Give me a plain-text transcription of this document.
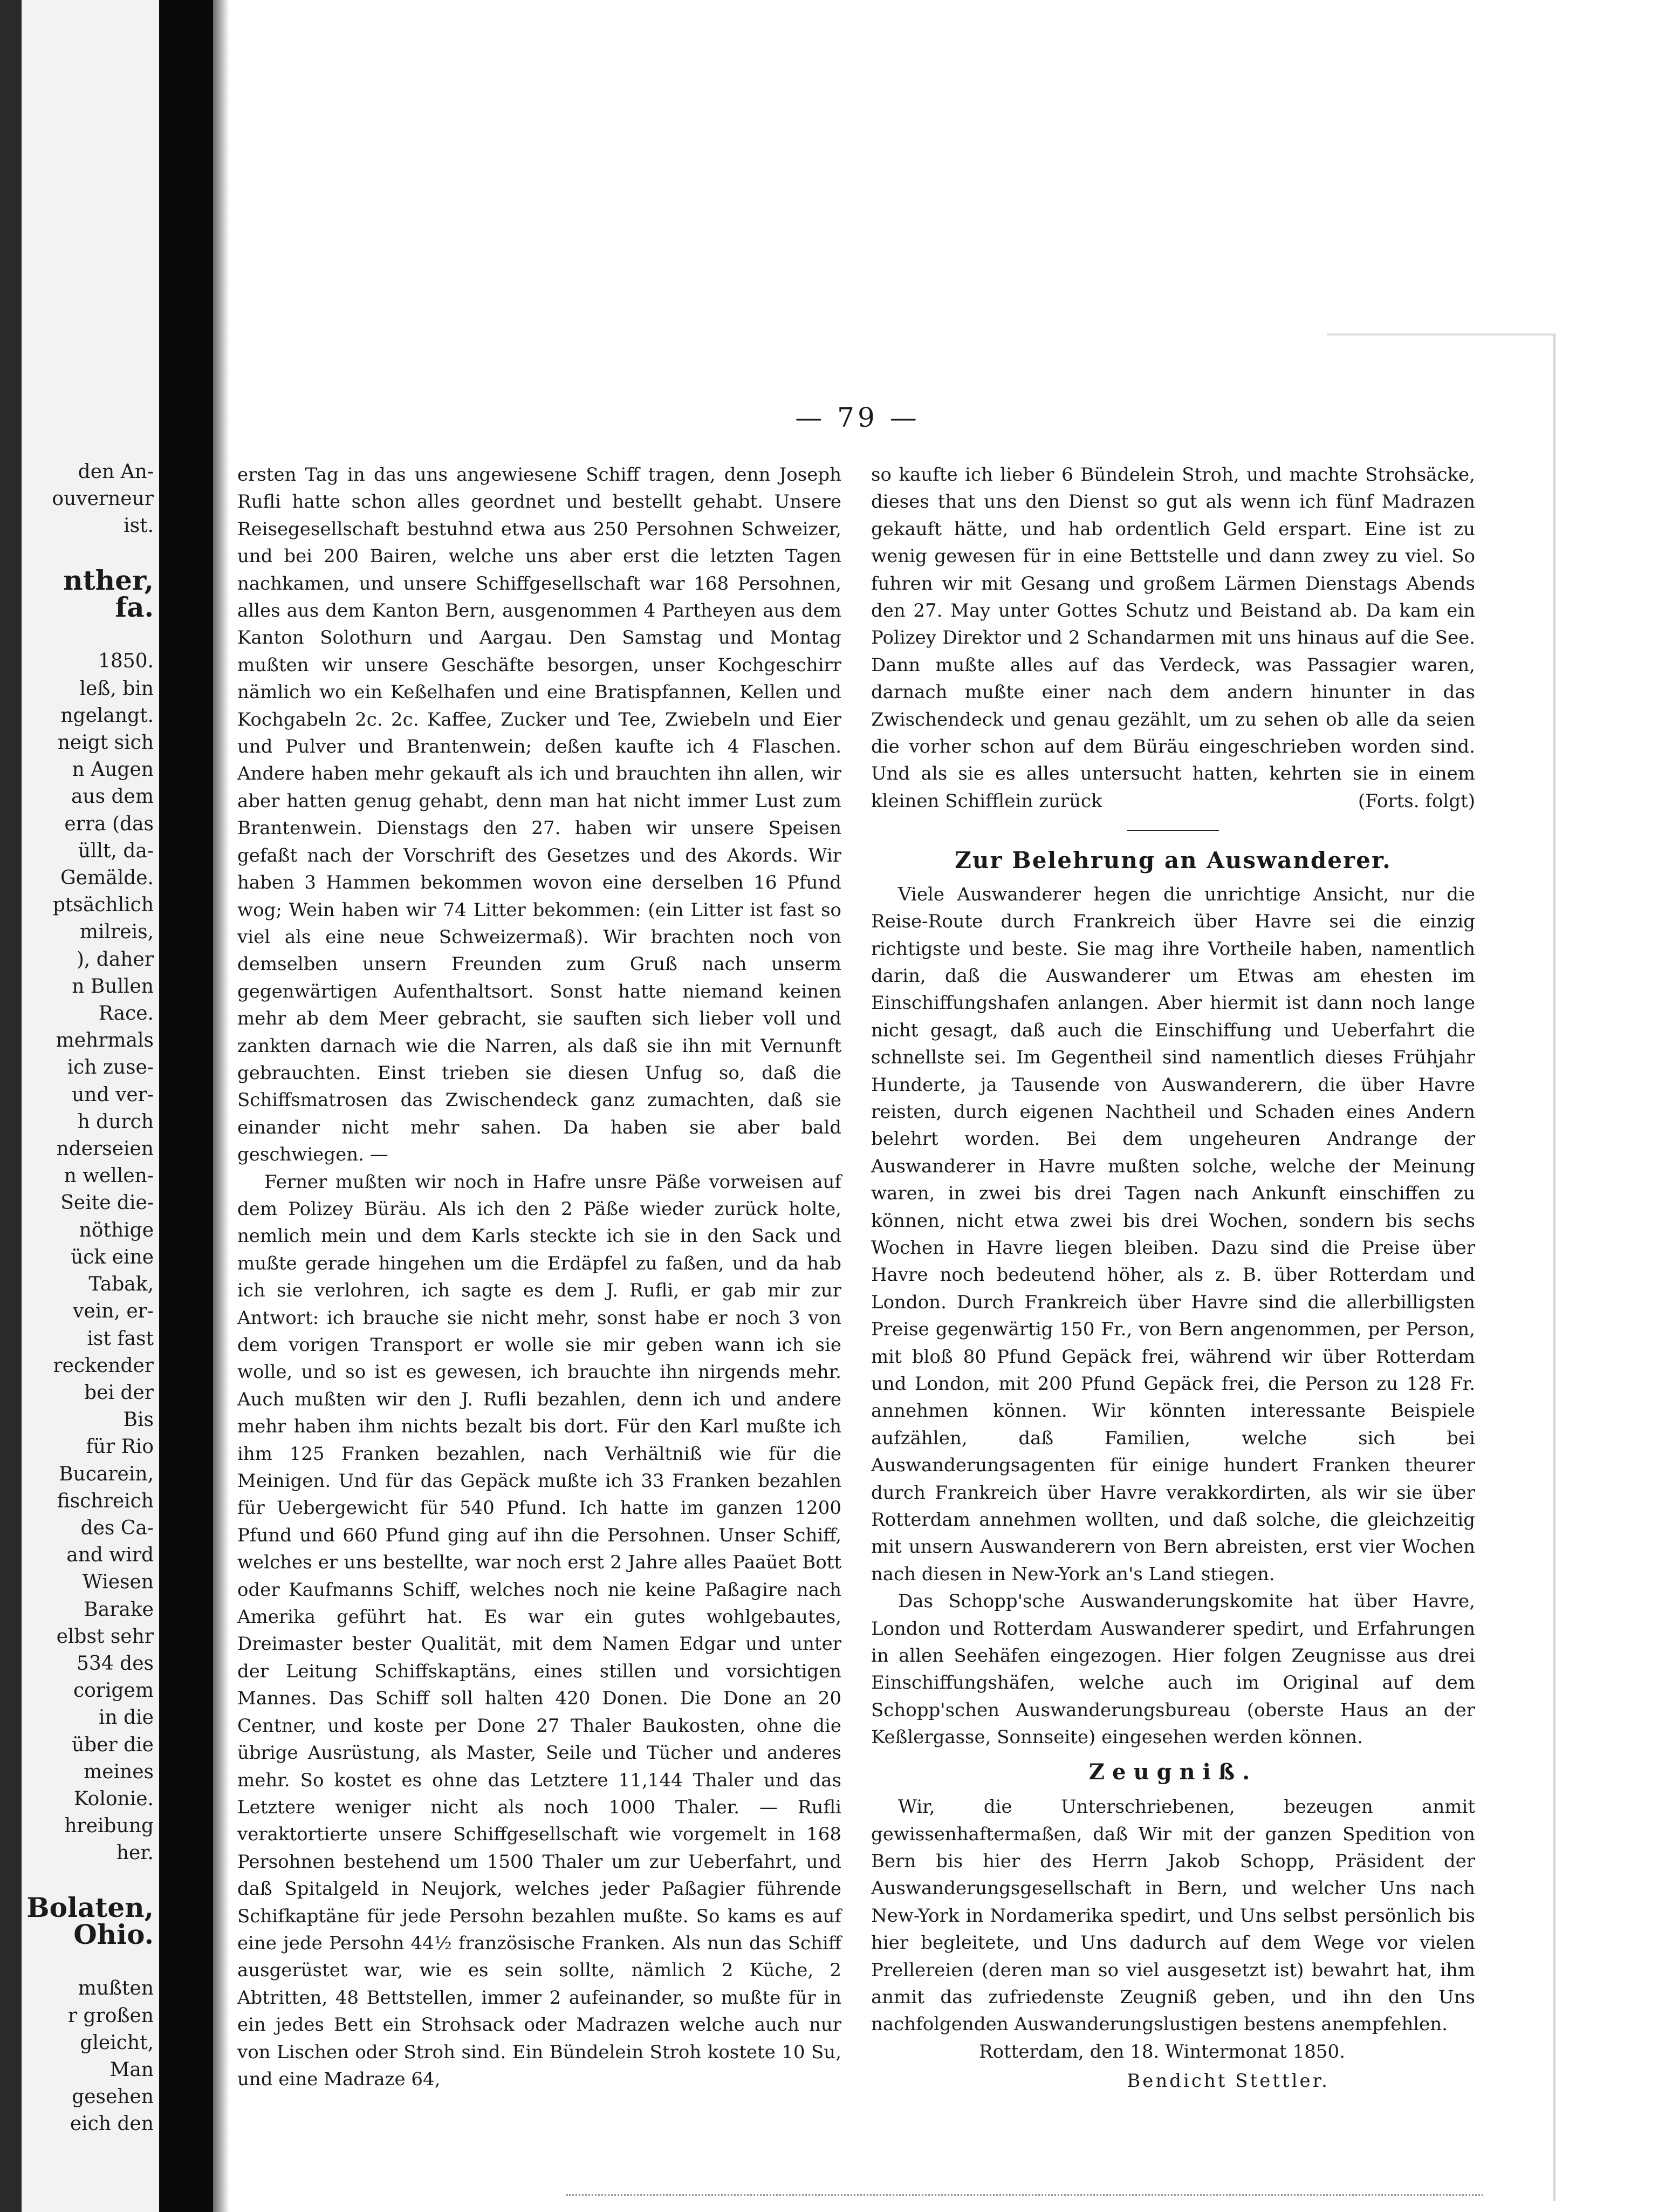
den An-
ouverneur
ist.

nther,
fa.

1850.
leß, bin
ngelangt.
neigt sich
n Augen
aus dem
erra (das
üllt, da-
Gemälde.
ptsächlich
milreis,
), daher
n Bullen
Race.
mehrmals
ich zuse-
und ver-
h durch
nderseien
n wellen-
Seite die-
nöthige
ück eine
Tabak,
vein, er-
ist fast
reckender
bei der
Bis
für Rio
Bucarein,
fischreich
des Ca-
and wird
Wiesen
Barake
elbst sehr
534 des
corigem
in die
über die
meines
Kolonie.
hreibung
her.

Bolaten,
Ohio.

mußten
r großen
gleicht,
Man
gesehen
eich den
— 79 —

ersten Tag in das uns angewiesene Schiff tragen, denn Joseph Rufli hatte schon alles geordnet und bestellt gehabt. Unsere Reisegesellschaft bestuhnd etwa aus 250 Persohnen Schweizer, und bei 200 Bairen, welche uns aber erst die letzten Tagen nachkamen, und unsere Schiffgesellschaft war 168 Persohnen, alles aus dem Kanton Bern, ausgenommen 4 Partheyen aus dem Kanton Solothurn und Aargau. Den Samstag und Montag mußten wir unsere Geschäfte besorgen, unser Kochgeschirr nämlich wo ein Keßelhafen und eine Bratispfannen, Kellen und Kochgabeln 2c. 2c. Kaffee, Zucker und Tee, Zwiebeln und Eier und Pulver und Brantenwein; deßen kaufte ich 4 Flaschen. Andere haben mehr gekauft als ich und brauchten ihn allen, wir aber hatten genug gehabt, denn man hat nicht immer Lust zum Brantenwein. Dienstags den 27. haben wir unsere Speisen gefaßt nach der Vorschrift des Gesetzes und des Akords. Wir haben 3 Hammen bekommen wovon eine derselben 16 Pfund wog; Wein haben wir 74 Litter bekommen: (ein Litter ist fast so viel als eine neue Schweizermaß). Wir brachten noch von demselben unsern Freunden zum Gruß nach unserm gegenwärtigen Aufenthaltsort. Sonst hatte niemand keinen mehr ab dem Meer gebracht, sie sauften sich lieber voll und zankten darnach wie die Narren, als daß sie ihn mit Vernunft gebrauchten. Einst trieben sie diesen Unfug so, daß die Schiffsmatrosen das Zwischendeck ganz zumachten, daß sie einander nicht mehr sahen. Da haben sie aber bald geschwiegen. —

Ferner mußten wir noch in Hafre unsre Päße vorweisen auf dem Polizey Büräu. Als ich den 2 Päße wieder zurück holte, nemlich mein und dem Karls steckte ich sie in den Sack und mußte gerade hingehen um die Erdäpfel zu faßen, und da hab ich sie verlohren, ich sagte es dem J. Rufli, er gab mir zur Antwort: ich brauche sie nicht mehr, sonst habe er noch 3 von dem vorigen Transport er wolle sie mir geben wann ich sie wolle, und so ist es gewesen, ich brauchte ihn nirgends mehr. Auch mußten wir den J. Rufli bezahlen, denn ich und andere mehr haben ihm nichts bezalt bis dort. Für den Karl mußte ich ihm 125 Franken bezahlen, nach Verhältniß wie für die Meinigen. Und für das Gepäck mußte ich 33 Franken bezahlen für Uebergewicht für 540 Pfund. Ich hatte im ganzen 1200 Pfund und 660 Pfund ging auf ihn die Persohnen. Unser Schiff, welches er uns bestellte, war noch erst 2 Jahre alles Paaüet Bott oder Kaufmanns Schiff, welches noch nie keine Paßagire nach Amerika geführt hat. Es war ein gutes wohlgebautes, Dreimaster bester Qualität, mit dem Namen Edgar und unter der Leitung Schiffskaptäns, eines stillen und vorsichtigen Mannes. Das Schiff soll halten 420 Donen. Die Done an 20 Centner, und koste per Done 27 Thaler Baukosten, ohne die übrige Ausrüstung, als Master, Seile und Tücher und anderes mehr. So kostet es ohne das Letztere 11,144 Thaler und das Letztere weniger nicht als noch 1000 Thaler. — Rufli veraktortierte unsere Schiffgesellschaft wie vorgemelt in 168 Persohnen bestehend um 1500 Thaler um zur Ueberfahrt, und daß Spitalgeld in Neujork, welches jeder Paßagier führende Schifkaptäne für jede Persohn bezahlen mußte. So kams es auf eine jede Persohn 44½ französische Franken. Als nun das Schiff ausgerüstet war, wie es sein sollte, nämlich 2 Küche, 2 Abtritten, 48 Bettstellen, immer 2 aufeinander, so mußte für in ein jedes Bett ein Strohsack oder Madrazen welche auch nur von Lischen oder Stroh sind. Ein Bündelein Stroh kostete 10 Su, und eine Madraze 64,

so kaufte ich lieber 6 Bündelein Stroh, und machte Strohsäcke, dieses that uns den Dienst so gut als wenn ich fünf Madrazen gekauft hätte, und hab ordentlich Geld erspart. Eine ist zu wenig gewesen für in eine Bettstelle und dann zwey zu viel. So fuhren wir mit Gesang und großem Lärmen Dienstags Abends den 27. May unter Gottes Schutz und Beistand ab. Da kam ein Polizey Direktor und 2 Schandarmen mit uns hinaus auf die See. Dann mußte alles auf das Verdeck, was Passagier waren, darnach mußte einer nach dem andern hinunter in das Zwischendeck und genau gezählt, um zu sehen ob alle da seien die vorher schon auf dem Büräu eingeschrieben worden sind. Und als sie es alles untersucht hatten, kehrten sie in einem kleinen Schifflein zurück	(Forts. folgt)

Zur Belehrung an Auswanderer.

Viele Auswanderer hegen die unrichtige Ansicht, nur die Reise-Route durch Frankreich über Havre sei die einzig richtigste und beste. Sie mag ihre Vortheile haben, namentlich darin, daß die Auswanderer um Etwas am ehesten im Einschiffungshafen anlangen. Aber hiermit ist dann noch lange nicht gesagt, daß auch die Einschiffung und Ueberfahrt die schnellste sei. Im Gegentheil sind namentlich dieses Frühjahr Hunderte, ja Tausende von Auswanderern, die über Havre reisten, durch eigenen Nachtheil und Schaden eines Andern belehrt worden. Bei dem ungeheuren Andrange der Auswanderer in Havre mußten solche, welche der Meinung waren, in zwei bis drei Tagen nach Ankunft einschiffen zu können, nicht etwa zwei bis drei Wochen, sondern bis sechs Wochen in Havre liegen bleiben. Dazu sind die Preise über Havre noch bedeutend höher, als z. B. über Rotterdam und London. Durch Frankreich über Havre sind die allerbilligsten Preise gegenwärtig 150 Fr., von Bern angenommen, per Person, mit bloß 80 Pfund Gepäck frei, während wir über Rotterdam und London, mit 200 Pfund Gepäck frei, die Person zu 128 Fr. annehmen können. Wir könnten interessante Beispiele aufzählen, daß Familien, welche sich bei Auswanderungsagenten für einige hundert Franken theurer durch Frankreich über Havre verakkordirten, als wir sie über Rotterdam annehmen wollten, und daß solche, die gleichzeitig mit unsern Auswanderern von Bern abreisten, erst vier Wochen nach diesen in New-York an's Land stiegen.

Das Schopp'sche Auswanderungskomite hat über Havre, London und Rotterdam Auswanderer spedirt, und Erfahrungen in allen Seehäfen eingezogen. Hier folgen Zeugnisse aus drei Einschiffungshäfen, welche auch im Original auf dem Schopp'schen Auswanderungsbureau (oberste Haus an der Keßlergasse, Sonnseite) eingesehen werden können.

Zeugniß.

Wir, die Unterschriebenen, bezeugen anmit gewissenhaftermaßen, daß Wir mit der ganzen Spedition von Bern bis hier des Herrn Jakob Schopp, Präsident der Auswanderungsgesellschaft in Bern, und welcher Uns nach New-York in Nordamerika spedirt, und Uns selbst persönlich bis hier begleitete, und Uns dadurch auf dem Wege vor vielen Prellereien (deren man so viel ausgesetzt ist) bewahrt hat, ihm anmit das zufriedenste Zeugniß geben, und ihn den Uns nachfolgenden Auswanderungslustigen bestens anempfehlen.

Rotterdam, den 18. Wintermonat 1850.

Bendicht Stettler.
